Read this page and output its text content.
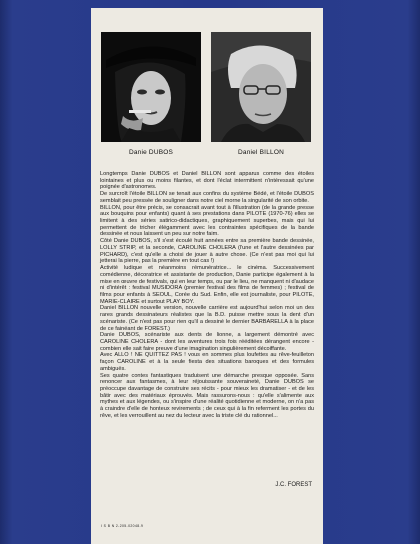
Danie DUBOS	Daniel BILLON

Longtemps Danie DUBOS et Daniel BILLON sont apparus comme des étoiles lointaines et plus ou moins filantes, et dont l'éclat intermittent n'intéressait qu'une poignée d'astronomes.

De surcroît l'étoile BILLON se tenait aux confins du système Bédé, et l'étoile DUBOS semblait peu pressée de souligner dans notre ciel morne la singularité de son orbite.

BILLON, pour être précis, se consacrait avant tout à l'illustration (de la grande presse aux bouquins pour enfants) quant à ses prestations dans PILOTE (1970-76) elles se limitent à des séries satirico-didactiques, graphiquement superbes, mais qui lui permettent de tricher élégamment avec les contraintes spécifiques de la bande dessinée et nous laissent un peu sur notre faim.

Côté Danie DUBOS, s'il s'est écoulé huit années entre sa première bande dessinée, LOLLY STRIP, et la seconde, CAROLINE CHOLERA (l'une et l'autre dessinées par PICHARD), c'est qu'elle a choisi de jouer à autre chose. (Ce n'est pas moi qui lui jetterai la pierre, pas la première en tout cas !)

Activité ludique et néanmoins rémunératrice... le cinéma. Successivement comédienne, décoratrice et assistante de production, Danie participe également à la mise en œuvre de festivals, qui en leur temps, ou par le lieu, ne manquent ni d'audace ni d'intérêt : festival MUSIDORA (premier festival des films de femmes) ; festival de films pour enfants à SEOUL, Corée du Sud. Enfin, elle est journaliste, pour PILOTE, MARIE-CLAIRE et surtout PLAY BOY.

Daniel BILLON nouvelle version, nouvelle carrière est aujourd'hui selon moi un des rares grands dessinateurs réalistes que la B.D. puisse mettre sous la dent d'un scénariste. (Ce n'est pas pour rien qu'il a dessiné le dernier BARBARELLA à la place de ce fainéant de FOREST.)

Danie DUBOS, scénariste aux dents de lionne, a largement démontré avec CAROLINE CHOLERA - dont les aventures trois fois rééditées dérangent encore - combien elle sait faire preuve d'une imagination singulièrement décoiffante.

Avec ALLO ! NE QUITTEZ PAS ! vous en sommes plus loufettes au rêve-feuilleton façon CAROLINE et à la seule fiesta des situations baroques et des formules ambiguës.

Ses quatre contes fantastiques traduisent une démarche presque opposée. Sans renoncer aux fantasmes, à leur réjouissante souveraineté, Danie DUBOS se préoccupe davantage de construire ses récits - pour mieux les dramatiser - et de les bâtir avec des matériaux éprouvés. Mais rassurons-nous : qu'elle s'alimente aux mythes et aux légendes, ou s'inspire d'une réalité quotidienne et moderne, on n'a pas à craindre d'elle de honteux revirements ; de ceux qui à la fin referment les portes du rêve, et les verrouillent au nez du lecteur avec la triste clé du rationnel...

J.C. FOREST
I S B N 2-205-02048-9
